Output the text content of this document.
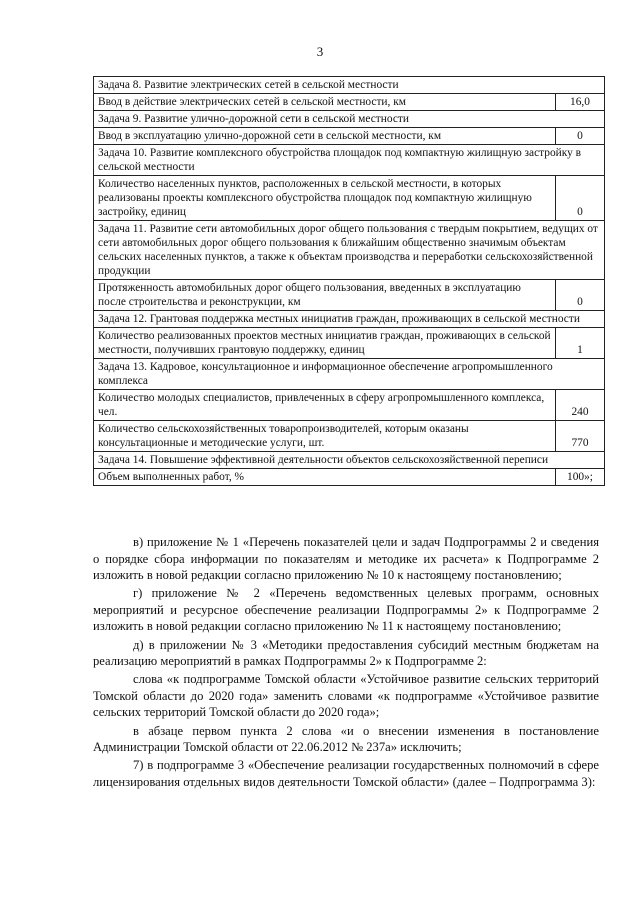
3
Задача 8. Развитие электрических сетей в сельской местности	
Ввод в действие электрических сетей в сельской местности, км	16,0
Задача 9. Развитие улично-дорожной сети в сельской местности	
Ввод в эксплуатацию улично-дорожной сети в сельской местности, км	0
Задача 10. Развитие комплексного обустройства площадок под компактную жилищную застройку в сельской местности	
Количество населенных пунктов, расположенных в сельской местности, в которых реализованы проекты комплексного обустройства площадок под компактную жилищную застройку, единиц	0
Задача 11. Развитие сети автомобильных дорог общего пользования с твердым покрытием, ведущих от сети автомобильных дорог общего пользования к ближайшим общественно значимым объектам сельских населенных пунктов, а также к объектам производства и переработки сельскохозяйственной продукции	
Протяженность автомобильных дорог общего пользования, введенных в эксплуатацию после строительства и реконструкции, км	0
Задача 12. Грантовая поддержка местных инициатив граждан, проживающих в сельской местности	
Количество реализованных проектов местных инициатив граждан, проживающих в сельской местности, получивших грантовую поддержку, единиц	1
Задача 13. Кадровое, консультационное и информационное обеспечение агропромышленного комплекса	
Количество молодых специалистов, привлеченных в сферу агропромышленного комплекса, чел.	240
Количество сельскохозяйственных товаропроизводителей, которым оказаны консультационные и методические услуги, шт.	770
Задача 14. Повышение эффективной деятельности объектов сельскохозяйственной переписи	
Объем выполненных работ, %	100»;

в) приложение № 1 «Перечень показателей цели и задач Подпрограммы 2 и сведения о порядке сбора информации по показателям и методике их расчета» к Подпрограмме 2 изложить в новой редакции согласно приложению № 10 к настоящему постановлению;

г) приложение № 2 «Перечень ведомственных целевых программ, основных мероприятий и ресурсное обеспечение реализации Подпрограммы 2» к Подпрограмме 2 изложить в новой редакции согласно приложению № 11 к настоящему постановлению;

д) в приложении № 3 «Методики предоставления субсидий местным бюджетам на реализацию мероприятий в рамках Подпрограммы 2» к Подпрограмме 2:

слова «к подпрограмме Томской области «Устойчивое развитие сельских территорий Томской области до 2020 года» заменить словами «к подпрограмме «Устойчивое развитие сельских территорий Томской области до 2020 года»;

в абзаце первом пункта 2 слова «и о внесении изменения в постановление Администрации Томской области от 22.06.2012 № 237а» исключить;

7) в подпрограмме 3 «Обеспечение реализации государственных полномочий в сфере лицензирования отдельных видов деятельности Томской области» (далее – Подпрограмма 3):
